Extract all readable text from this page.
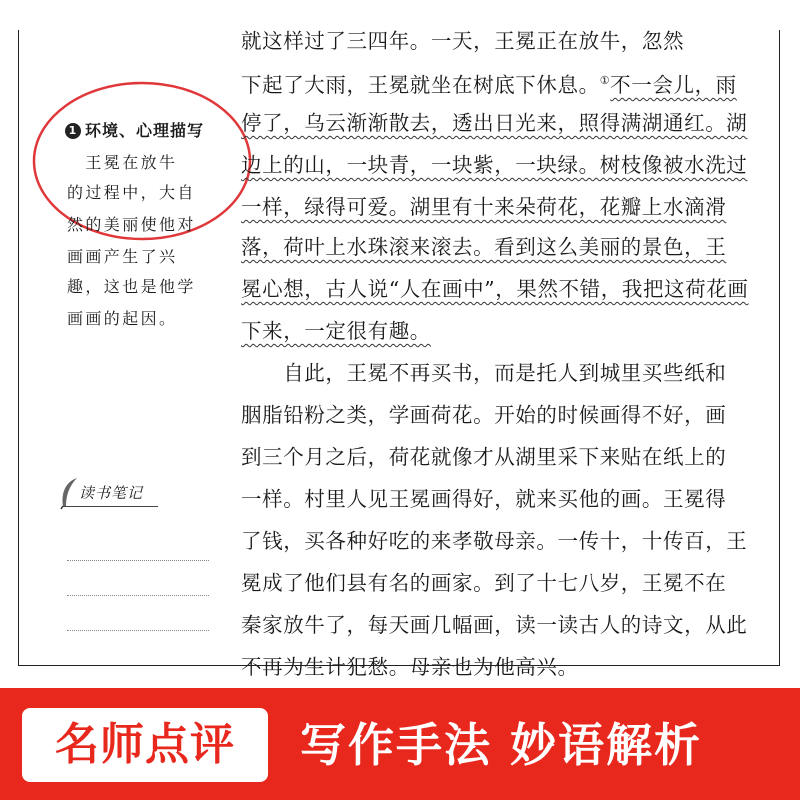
1 环境、心理描写
　王冕在放牛
的过程中，大自
然的美丽使他对
画画产生了兴
趣，这也是他学
画画的起因。
读书笔记
就这样过了三四年。一天，王冕正在放牛，忽然
下起了大雨，王冕就坐在树底下休息。①不一会儿，雨
停了，乌云渐渐散去，透出日光来，照得满湖通红。湖
边上的山，一块青，一块紫，一块绿。树枝像被水洗过
一样，绿得可爱。湖里有十来朵荷花，花瓣上水滴滑
落，荷叶上水珠滚来滚去。看到这么美丽的景色，王
冕心想，古人说“人在画中”，果然不错，我把这荷花画
下来，一定很有趣。
　　自此，王冕不再买书，而是托人到城里买些纸和
胭脂铅粉之类，学画荷花。开始的时候画得不好，画
到三个月之后，荷花就像才从湖里采下来贴在纸上的
一样。村里人见王冕画得好，就来买他的画。王冕得
了钱，买各种好吃的来孝敬母亲。一传十，十传百，王
冕成了他们县有名的画家。到了十七八岁，王冕不在
秦家放牛了，每天画几幅画，读一读古人的诗文，从此
不再为生计犯愁。母亲也为他高兴。
名师点评	写作手法 妙语解析
